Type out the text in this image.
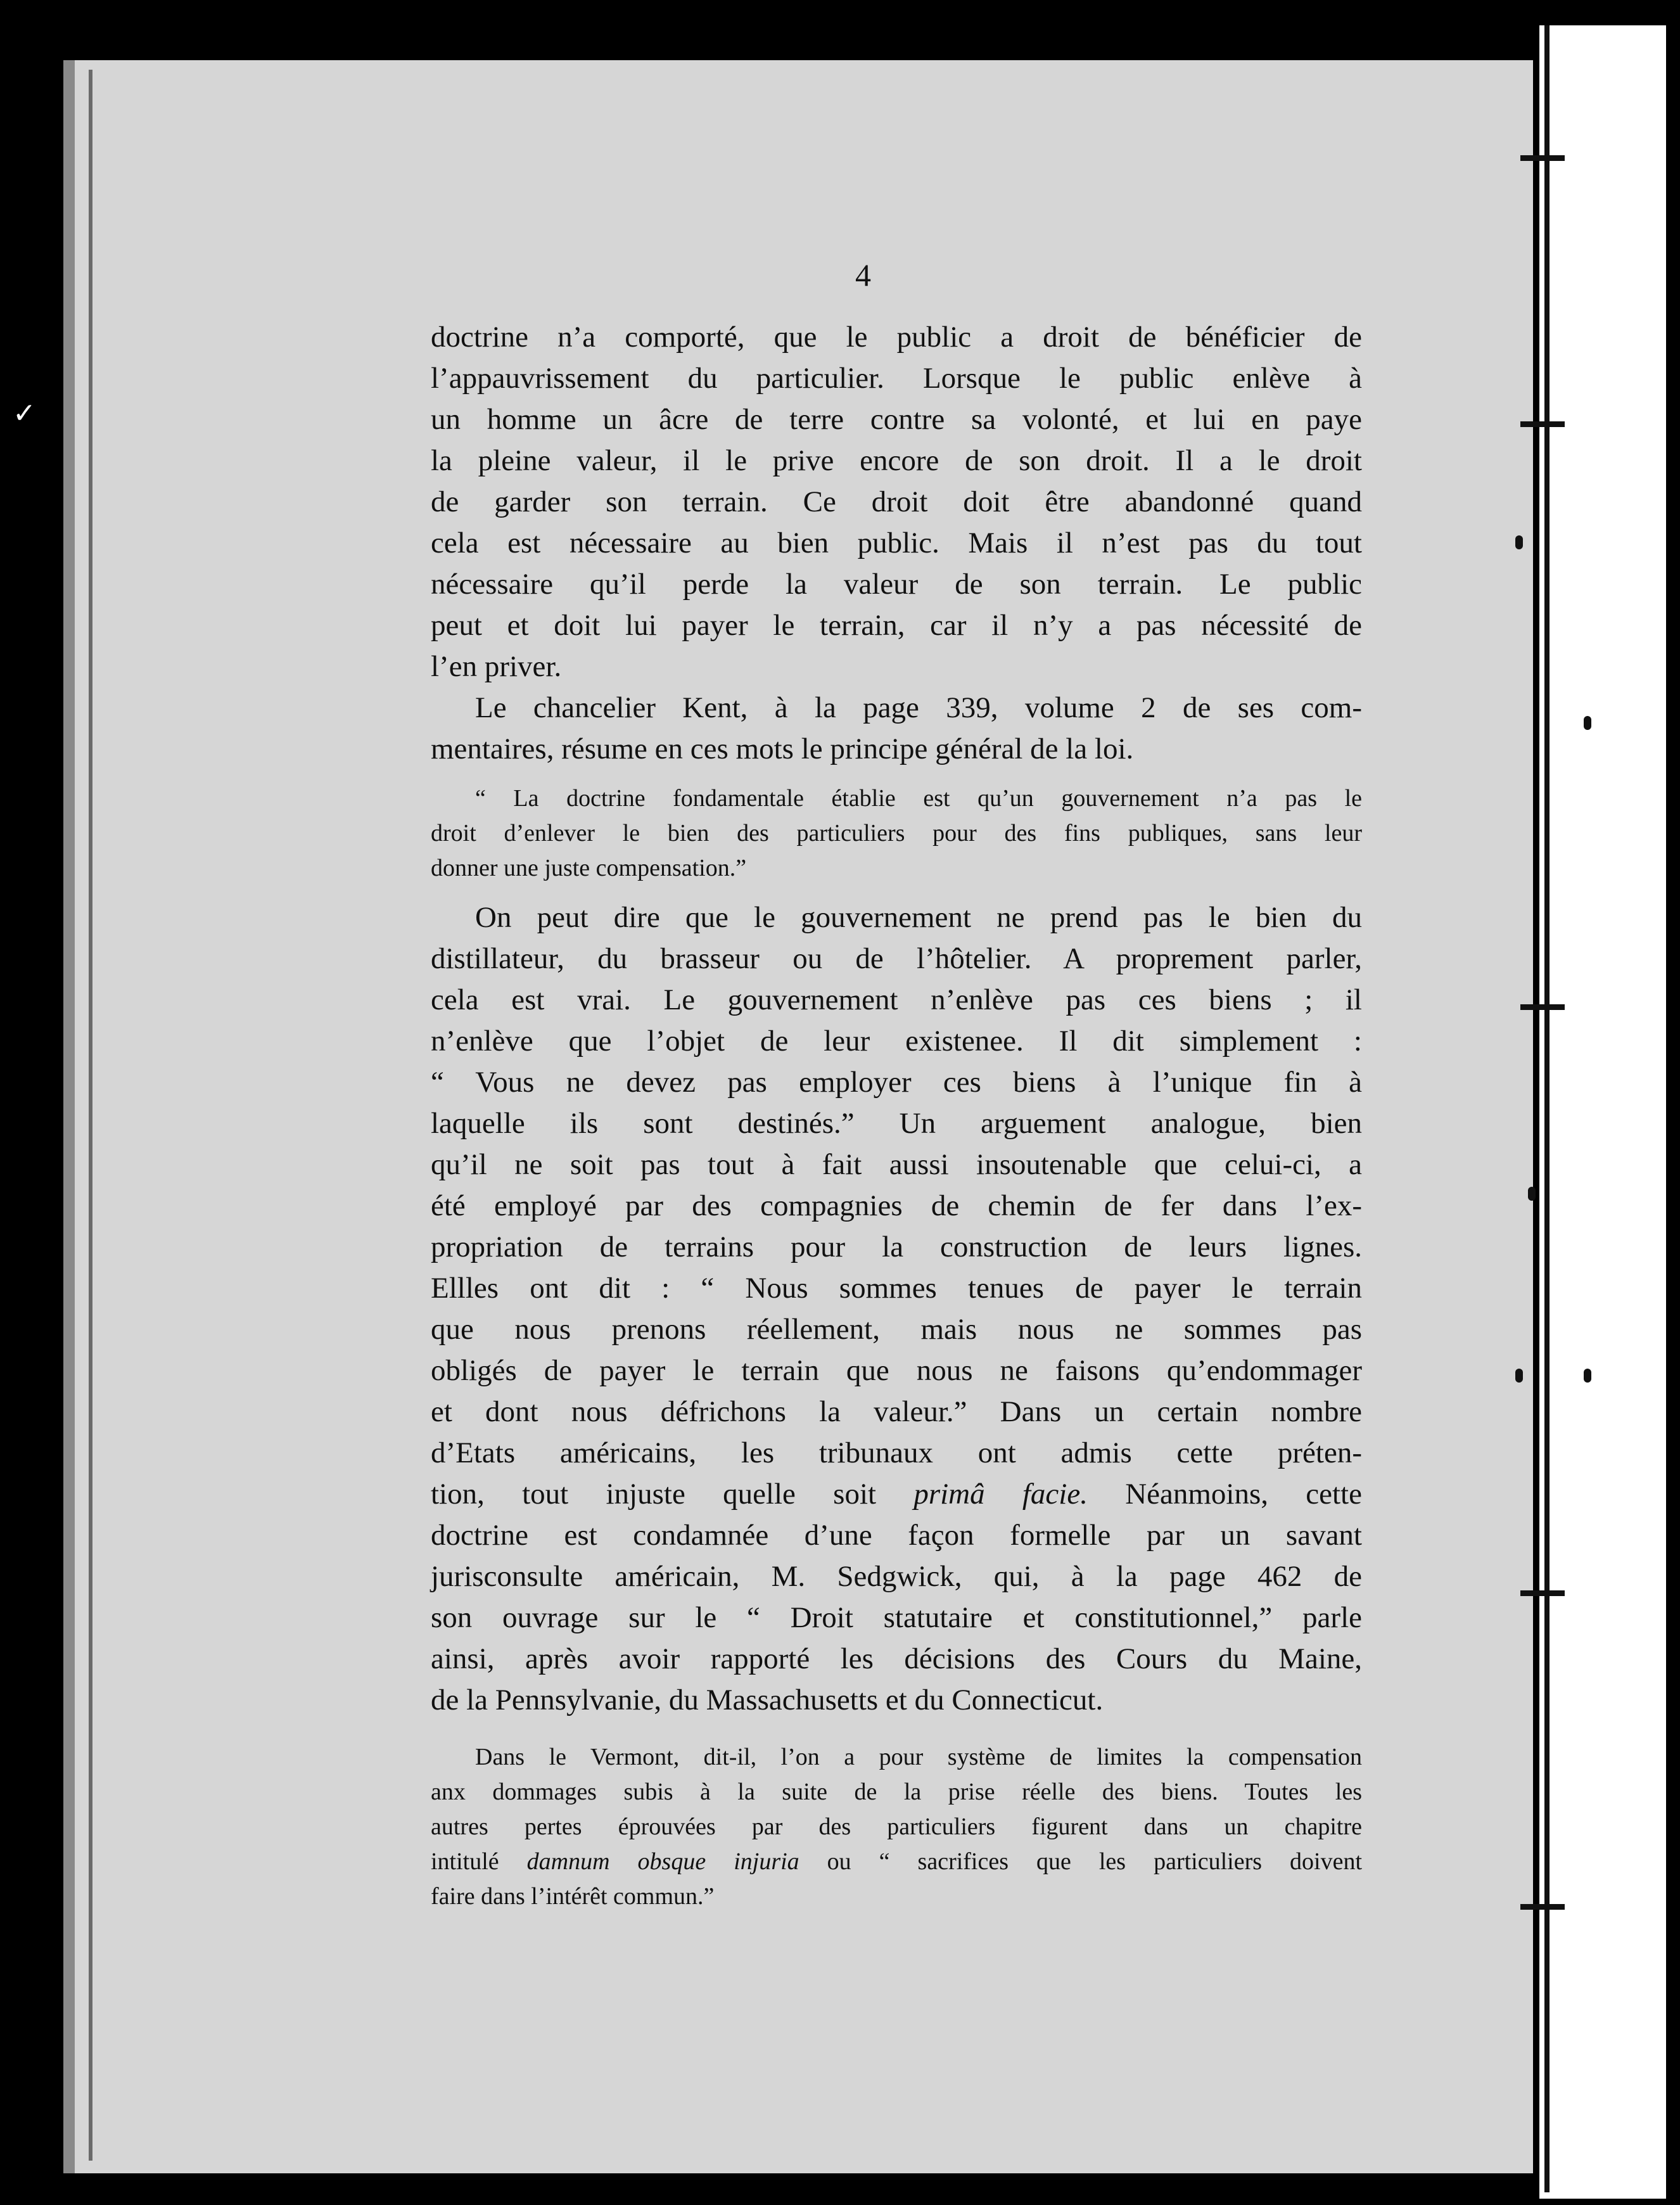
✓
4
doctrine n’a comporté, que le public a droit de bénéficier de
l’appauvrissement du particulier. Lorsque le public enlève à
un homme un âcre de terre contre sa volonté, et lui en paye
la pleine valeur, il le prive encore de son droit. Il a le droit
de garder son terrain. Ce droit doit être abandonné quand
cela est nécessaire au bien public. Mais il n’est pas du tout
nécessaire qu’il perde la valeur de son terrain. Le public
peut et doit lui payer le terrain, car il n’y a pas nécessité de
l’en priver.
Le chancelier Kent, à la page 339, volume 2 de ses com-
mentaires, résume en ces mots le principe général de la loi.
“ La doctrine fondamentale établie est qu’un gouvernement n’a pas le
droit d’enlever le bien des particuliers pour des fins publiques, sans leur
donner une juste compensation.”
On peut dire que le gouvernement ne prend pas le bien du
distillateur, du brasseur ou de l’hôtelier. A proprement parler,
cela est vrai. Le gouvernement n’enlève pas ces biens ; il
n’enlève que l’objet de leur existenee. Il dit simplement :
“ Vous ne devez pas employer ces biens à l’unique fin à
laquelle ils sont destinés.” Un arguement analogue, bien
qu’il ne soit pas tout à fait aussi insoutenable que celui-ci, a
été employé par des compagnies de chemin de fer dans l’ex-
propriation de terrains pour la construction de leurs lignes.
Ellles ont dit : “ Nous sommes tenues de payer le terrain
que nous prenons réellement, mais nous ne sommes pas
obligés de payer le terrain que nous ne faisons qu’endommager
et dont nous défrichons la valeur.” Dans un certain nombre
d’Etats américains, les tribunaux ont admis cette préten-
tion, tout injuste quelle soit primâ facie. Néanmoins, cette
doctrine est condamnée d’une façon formelle par un savant
jurisconsulte américain, M. Sedgwick, qui, à la page 462 de
son ouvrage sur le “ Droit statutaire et constitutionnel,” parle
ainsi, après avoir rapporté les décisions des Cours du Maine,
de la Pennsylvanie, du Massachusetts et du Connecticut.
Dans le Vermont, dit-il, l’on a pour système de limites la compensation
anx dommages subis à la suite de la prise réelle des biens. Toutes les
autres pertes éprouvées par des particuliers figurent dans un chapitre
intitulé damnum obsque injuria ou “ sacrifices que les particuliers doivent
faire dans l’intérêt commun.”
